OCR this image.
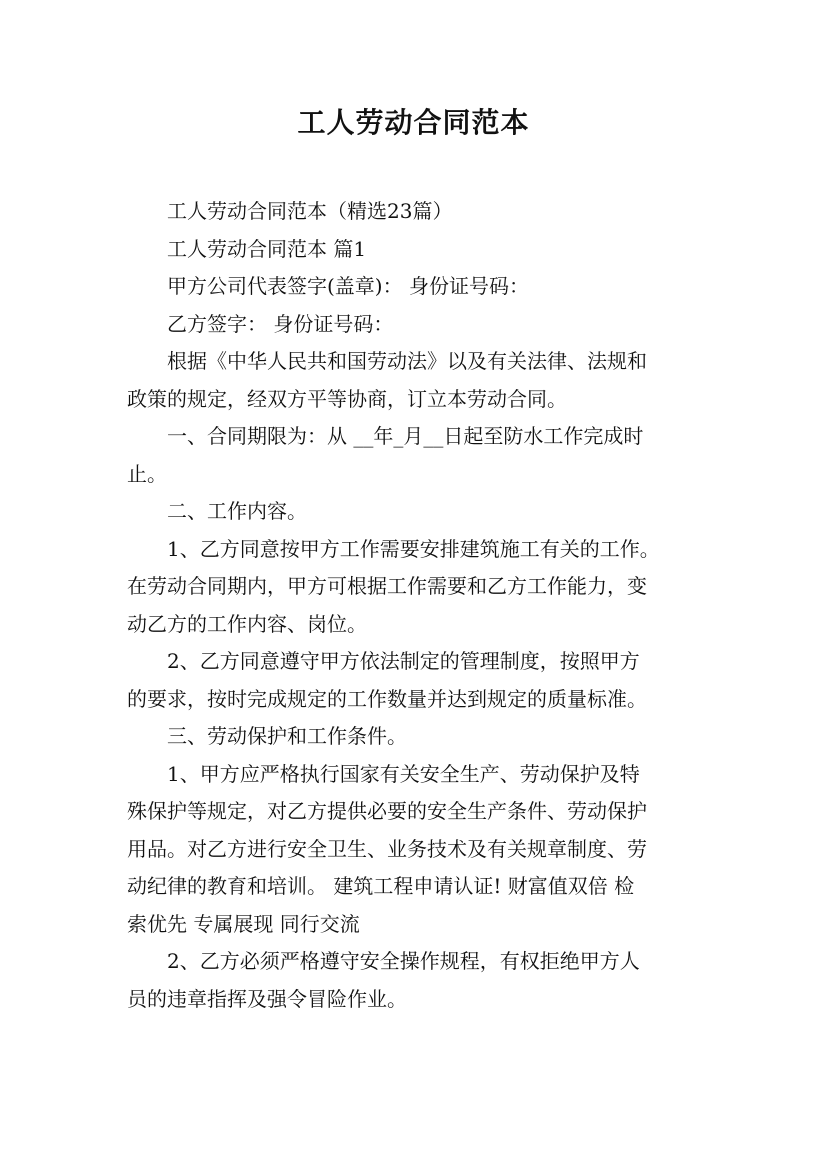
工人劳动合同范本
工人劳动合同范本（精选23篇）
工人劳动合同范本 篇1
甲方公司代表签字(盖章)： 身份证号码：
乙方签字： 身份证号码：
根据《中华人民共和国劳动法》以及有关法律、法规和
政策的规定，经双方平等协商，订立本劳动合同。
一、合同期限为：从 __年_月__日起至防水工作完成时
止。
二、工作内容。
1、乙方同意按甲方工作需要安排建筑施工有关的工作。
在劳动合同期内，甲方可根据工作需要和乙方工作能力，变
动乙方的工作内容、岗位。
2、乙方同意遵守甲方依法制定的管理制度，按照甲方
的要求，按时完成规定的工作数量并达到规定的质量标准。
三、劳动保护和工作条件。
1、甲方应严格执行国家有关安全生产、劳动保护及特
殊保护等规定，对乙方提供必要的安全生产条件、劳动保护
用品。对乙方进行安全卫生、业务技术及有关规章制度、劳
动纪律的教育和培训。 建筑工程申请认证! 财富值双倍 检
索优先 专属展现 同行交流
2、乙方必须严格遵守安全操作规程，有权拒绝甲方人
员的违章指挥及强令冒险作业。
